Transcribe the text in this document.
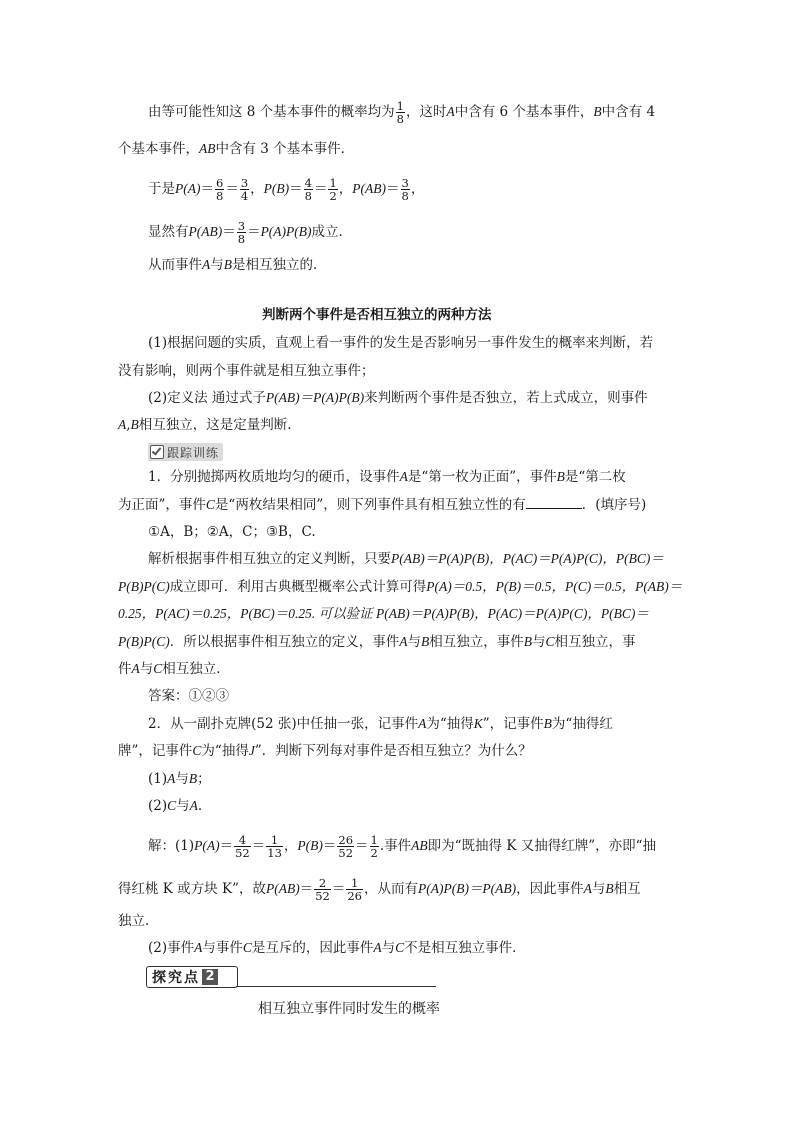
由等可能性知这 8 个基本事件的概率均为 $\frac{1}{8}$ ，这时A中含有 6 个基本事件，B中含有 4
个基本事件，AB中含有 3 个基本事件．
于是$P(A)= \frac{6}{8} = \frac{3}{4}$ ，$P(B)= \frac{4}{8} = \frac{1}{2}$ ，$P(AB)= \frac{3}{8}$ ，
显然有$P(AB)= \frac{3}{8} =P(A)P(B)$成立．
从而事件A与B是相互独立的．
判断两个事件是否相互独立的两种方法
(1)根据问题的实质，直观上看一事件的发生是否影响另一事件发生的概率来判断，若
没有影响，则两个事件就是相互独立事件；
(2)定义法 通过式子P(AB)＝P(A)P(B)来判断两个事件是否独立，若上式成立，则事件
A,B相互独立，这是定量判断.
跟踪训练
1．分别抛掷两枚质地均匀的硬币，设事件A是“第一枚为正面”，事件B是“第二枚
为正面”，事件C是“两枚结果相同”，则下列事件具有相互独立性的有	．(填序号)
①A，B；②A，C；③B，C.
解析根据事件相互独立的定义判断，只要P(AB)＝P(A)P(B)，P(AC)＝P(A)P(C)，P(BC)＝
P(B)P(C)成立即可．利用古典概型概率公式计算可得P(A)＝0.5，P(B)＝0.5，P(C)＝0.5，P(AB)＝
0.25，P(AC)＝0.25，P(BC)＝0.25. 可以验证 P(AB)＝P(A)P(B)，P(AC)＝P(A)P(C)，P(BC)＝
P(B)P(C)．所以根据事件相互独立的定义，事件A与B相互独立，事件B与C相互独立，事
件A与C相互独立．
答案：①②③
2．从一副扑克牌(52 张)中任抽一张，记事件A为“抽得K”，记事件B为“抽得红
牌”，记事件C为“抽得J”．判断下列每对事件是否相互独立？为什么？
(1)A与B；
(2)C与A.
解：$(1)P(A)= \frac{4}{52} = \frac{1}{13}$ ，$P(B)= \frac{26}{52} = \frac{1}{2}$ .事件AB即为“既抽得 K 又抽得红牌”，亦即“抽
得红桃 K 或方块 K”，故$P(AB)= \frac{2}{52} = \frac{1}{26}$ ，从而有P(A)P(B)＝P(AB)，因此事件A与B相互
独立．
(2)事件A与事件C是互斥的，因此事件A与C不是相互独立事件．
探究点 2
相互独立事件同时发生的概率
